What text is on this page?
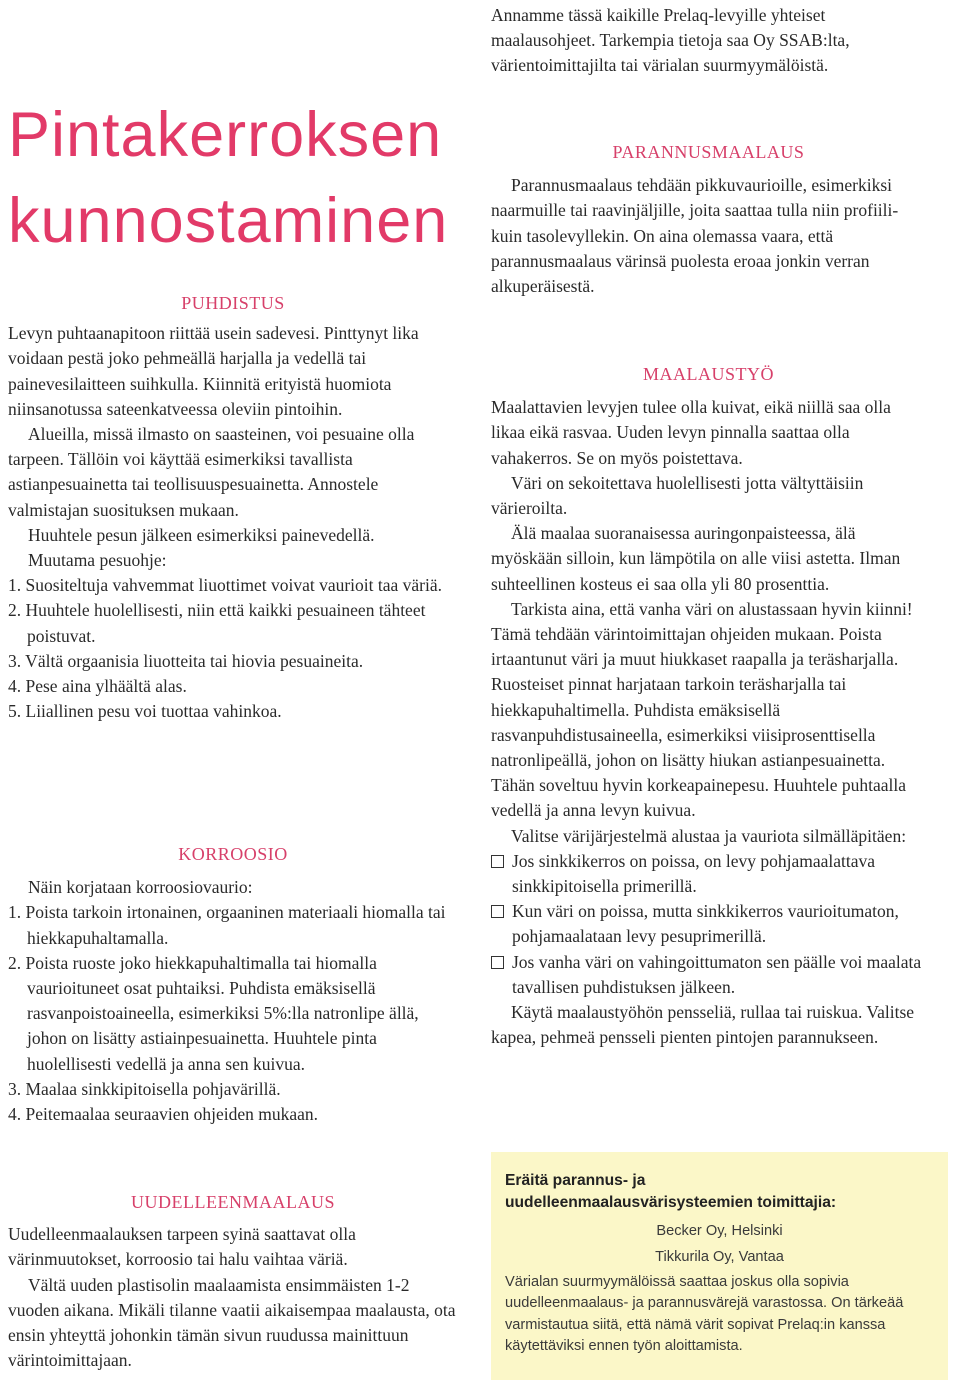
Annamme tässä kaikille Prelaq-levyille yhteiset maalausohjeet. Tarkempia tietoja saa Oy SSAB:lta, värientoimittajilta tai värialan suurmyymälöistä.
Pintakerroksen
kunnostaminen
PUHDISTUS

Levyn puhtaanapitoon riittää usein sadevesi. Pinttynyt lika voidaan pestä joko pehmeällä harjalla ja vedellä tai painevesilaitteen suihkulla. Kiinnitä erityistä huomiota niinsanotussa sateenkatveessa oleviin pintoihin.

Alueilla, missä ilmasto on saasteinen, voi pesuaine olla tarpeen. Tällöin voi käyttää esimerkiksi tavallista astianpesuainetta tai teollisuuspesuainetta. Annostele valmistajan suosituksen mukaan.

Huuhtele pesun jälkeen esimerkiksi painevedellä.

Muutama pesuohje:

1. Suositeltuja vahvemmat liuottimet voivat vaurioit taa väriä.
2. Huuhtele huolellisesti, niin että kaikki pesuaineen tähteet poistuvat.
3. Vältä orgaanisia liuotteita tai hiovia pesuaineita.
4. Pese aina ylhäältä alas.
5. Liiallinen pesu voi tuottaa vahinkoa.
KORROOSIO

Näin korjataan korroosiovaurio:

1. Poista tarkoin irtonainen, orgaaninen materiaali hiomalla tai hiekkapuhaltamalla.
2. Poista ruoste joko hiekkapuhaltimalla tai hiomalla vaurioituneet osat puhtaiksi. Puhdista emäksisellä rasvanpoistoaineella, esimerkiksi 5%:lla natronlipe ällä, johon on lisätty astiainpesuainetta. Huuhtele pinta huolellisesti vedellä ja anna sen kuivua.
3. Maalaa sinkkipitoisella pohjavärillä.
4. Peitemaalaa seuraavien ohjeiden mukaan.
PARANNUSMAALAUS

Parannusmaalaus tehdään pikkuvaurioille, esimerkiksi naarmuille tai raavinjäljille, joita saattaa tulla niin profiili- kuin tasolevyllekin. On aina olemassa vaara, että parannusmaalaus värinsä puolesta eroaa jonkin verran alkuperäisestä.

MAALAUSTYÖ

Maalattavien levyjen tulee olla kuivat, eikä niillä saa olla likaa eikä rasvaa. Uuden levyn pinnalla saattaa olla vahakerros. Se on myös poistettava.

Väri on sekoitettava huolellisesti jotta vältyttäisiin värieroilta.

Älä maalaa suoranaisessa auringonpaisteessa, älä myöskään silloin, kun lämpötila on alle viisi astetta. Ilman suhteellinen kosteus ei saa olla yli 80 prosenttia.

Tarkista aina, että vanha väri on alustassaan hyvin kiinni! Tämä tehdään värintoimittajan ohjeiden mukaan. Poista irtaantunut väri ja muut hiukkaset raapalla ja teräsharjalla. Ruosteiset pinnat harjataan tarkoin teräsharjalla tai hiekkapuhaltimella. Puhdista emäksisellä rasvanpuhdistusaineella, esimerkiksi viisiprosenttisella natronlipeällä, johon on lisätty hiukan astianpesuainetta. Tähän soveltuu hyvin korkeapainepesu. Huuhtele puhtaalla vedellä ja anna levyn kuivua.

Valitse värijärjestelmä alustaa ja vauriota silmälläpitäen:

Jos sinkkikerros on poissa, on levy pohjamaalattava sinkkipitoisella primerillä.
Kun väri on poissa, mutta sinkkikerros vaurioitumaton, pohjamaalataan levy pesuprimerillä.
Jos vanha väri on vahingoittumaton sen päälle voi maalata tavallisen puhdistuksen jälkeen.

Käytä maalaustyöhön pensseliä, rullaa tai ruiskua. Valitse kapea, pehmeä pensseli pienten pintojen parannukseen.

UUDELLEENMAALAUS

Uudelleenmaalauksen tarpeen syinä saattavat olla värinmuutokset, korroosio tai halu vaihtaa väriä.

Vältä uuden plastisolin maalaamista ensimmäisten 1-2 vuoden aikana. Mikäli tilanne vaatii aikaisempaa maalausta, ota ensin yhteyttä johonkin tämän sivun ruudussa mainittuun värintoimittajaan.

Eräitä parannus- ja
uudelleenmaalausvärisysteemien toimittajia:
Becker Oy, Helsinki
Tikkurila Oy, Vantaa
Värialan suurmyymälöissä saattaa joskus olla sopivia uudelleenmaalaus- ja parannusvärejä varastossa. On tärkeää varmistautua siitä, että nämä värit sopivat Prelaq:in kanssa käytettäviksi ennen työn aloittamista.
